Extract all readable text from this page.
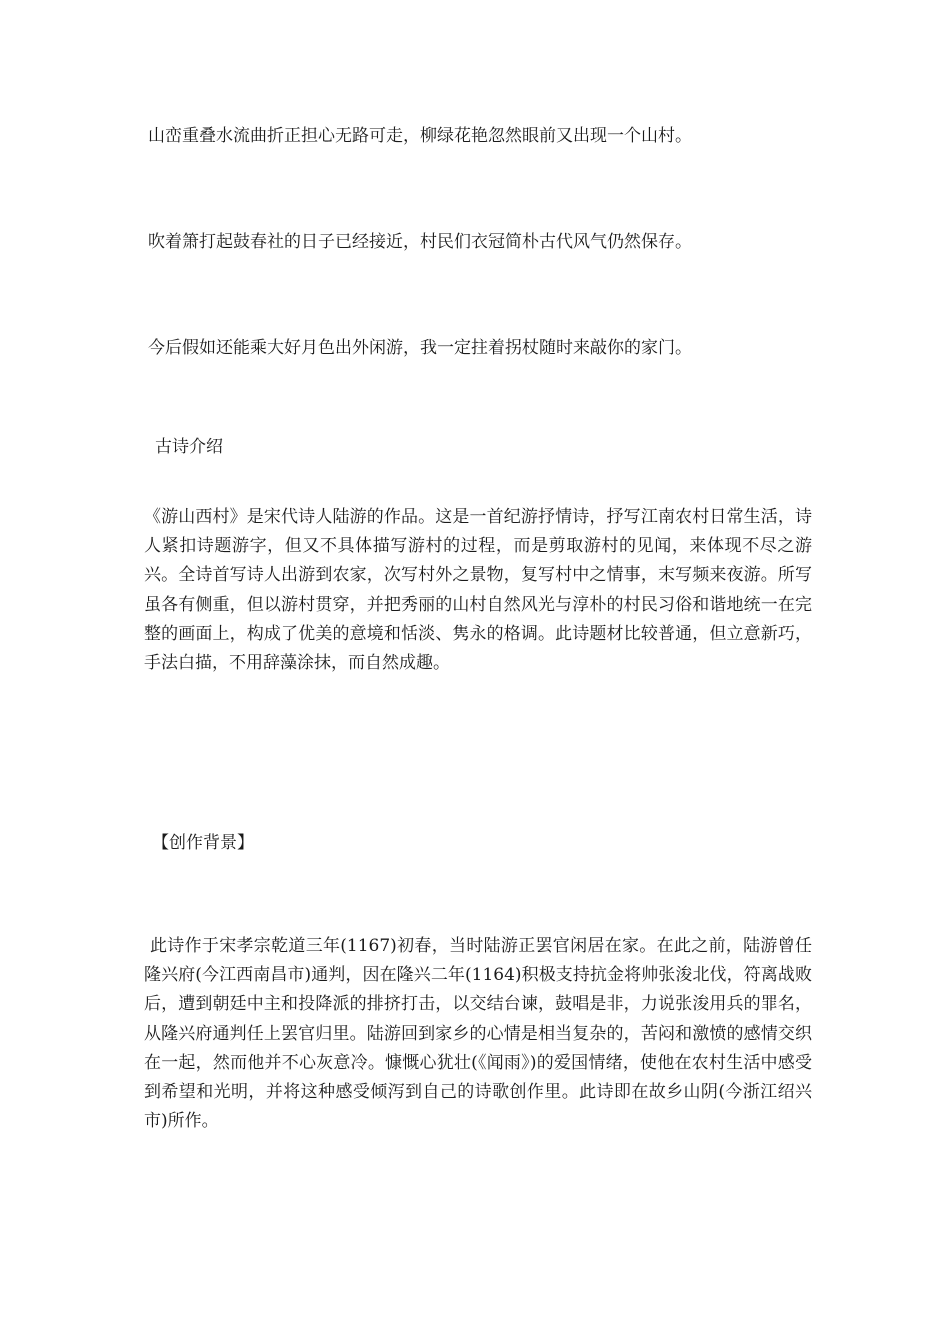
山峦重叠水流曲折正担心无路可走，柳绿花艳忽然眼前又出现一个山村。

吹着箫打起鼓春社的日子已经接近，村民们衣冠简朴古代风气仍然保存。

今后假如还能乘大好月色出外闲游，我一定拄着拐杖随时来敲你的家门。

古诗介绍

《游山西村》是宋代诗人陆游的作品。这是一首纪游抒情诗，抒写江南农村日常生活，诗人紧扣诗题游字，但又不具体描写游村的过程，而是剪取游村的见闻，来体现不尽之游兴。全诗首写诗人出游到农家，次写村外之景物，复写村中之情事，末写频来夜游。所写虽各有侧重，但以游村贯穿，并把秀丽的山村自然风光与淳朴的村民习俗和谐地统一在完整的画面上，构成了优美的意境和恬淡、隽永的格调。此诗题材比较普通，但立意新巧，手法白描，不用辞藻涂抹，而自然成趣。

【创作背景】

此诗作于宋孝宗乾道三年(1167)初春，当时陆游正罢官闲居在家。在此之前，陆游曾任隆兴府(今江西南昌市)通判，因在隆兴二年(1164)积极支持抗金将帅张浚北伐，符离战败后，遭到朝廷中主和投降派的排挤打击，以交结台谏，鼓唱是非，力说张浚用兵的罪名，从隆兴府通判任上罢官归里。陆游回到家乡的心情是相当复杂的，苦闷和激愤的感情交织在一起，然而他并不心灰意冷。慷慨心犹壮(《闻雨》)的爱国情绪，使他在农村生活中感受到希望和光明，并将这种感受倾泻到自己的诗歌创作里。此诗即在故乡山阴(今浙江绍兴市)所作。
